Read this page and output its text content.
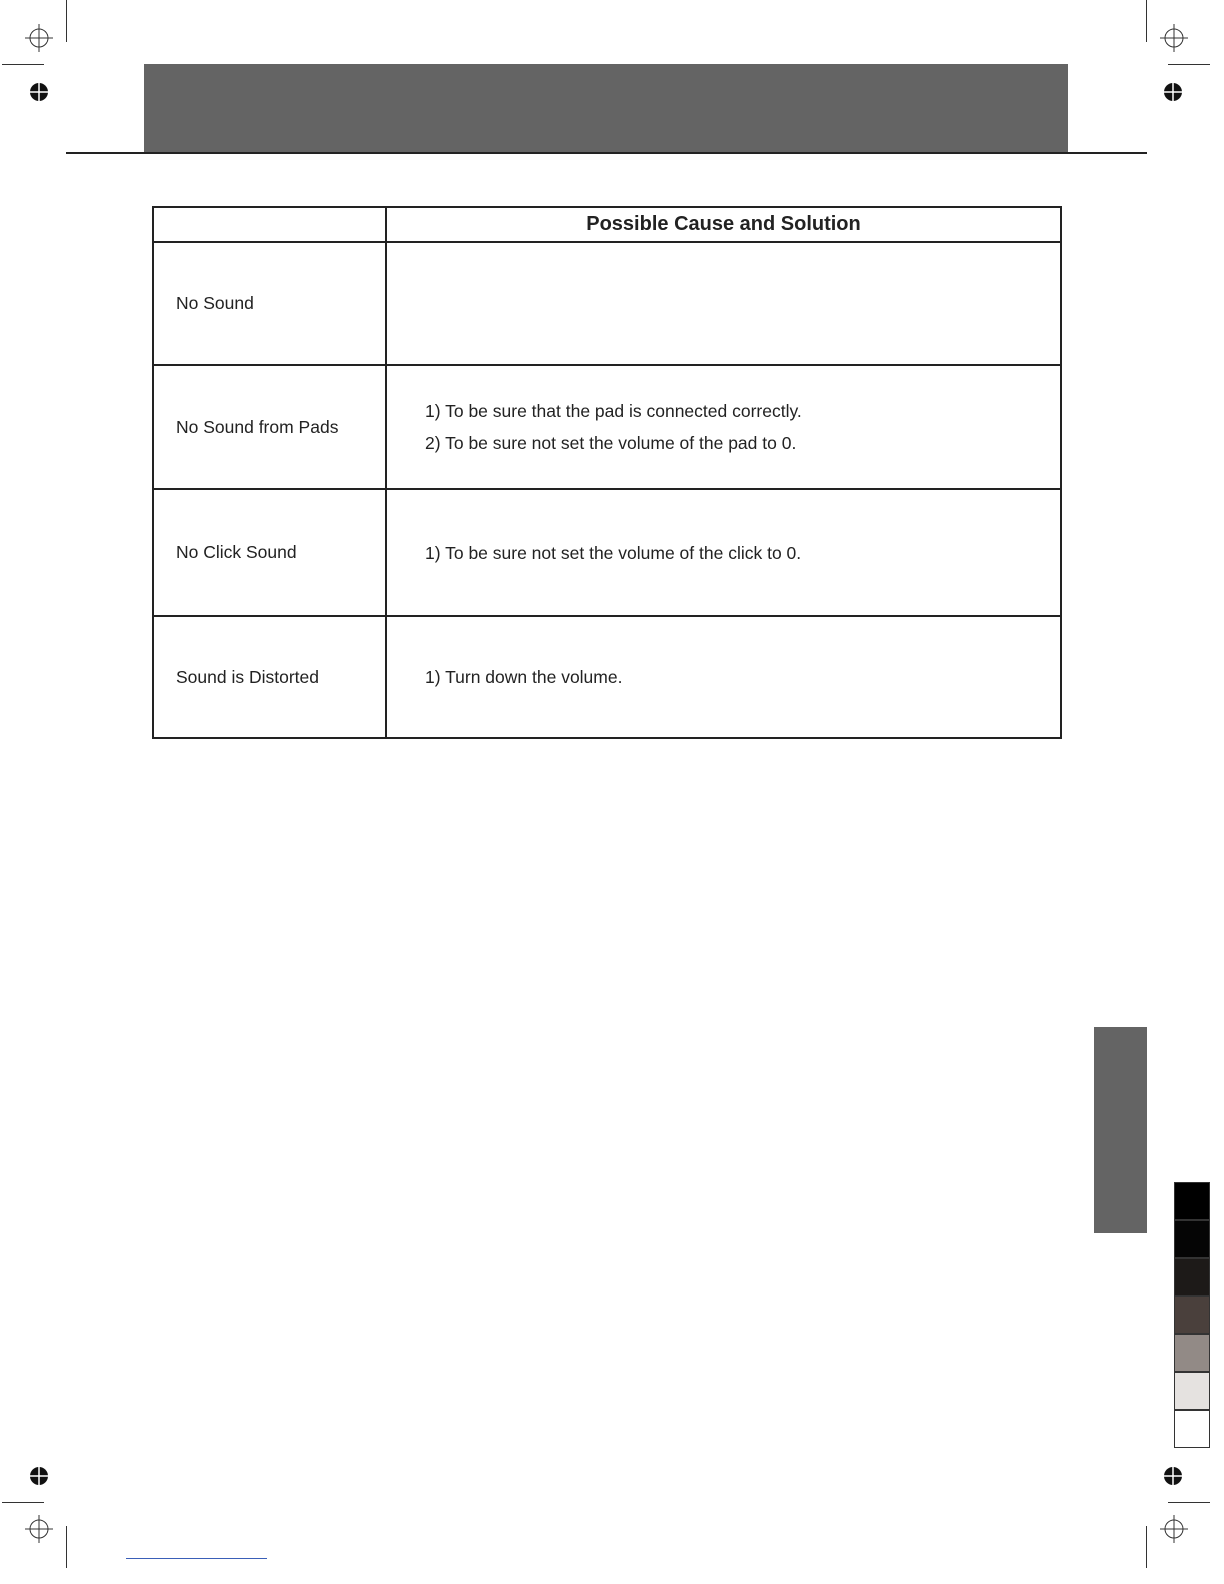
	Possible Cause and Solution
No Sound	
No Sound from Pads	1) To be sure that the pad is connected correctly.
2) To be sure not set the volume of the pad to 0.

No Click Sound	1) To be sure not set the volume of the click to 0.

Sound is Distorted	1) Turn down the volume.
